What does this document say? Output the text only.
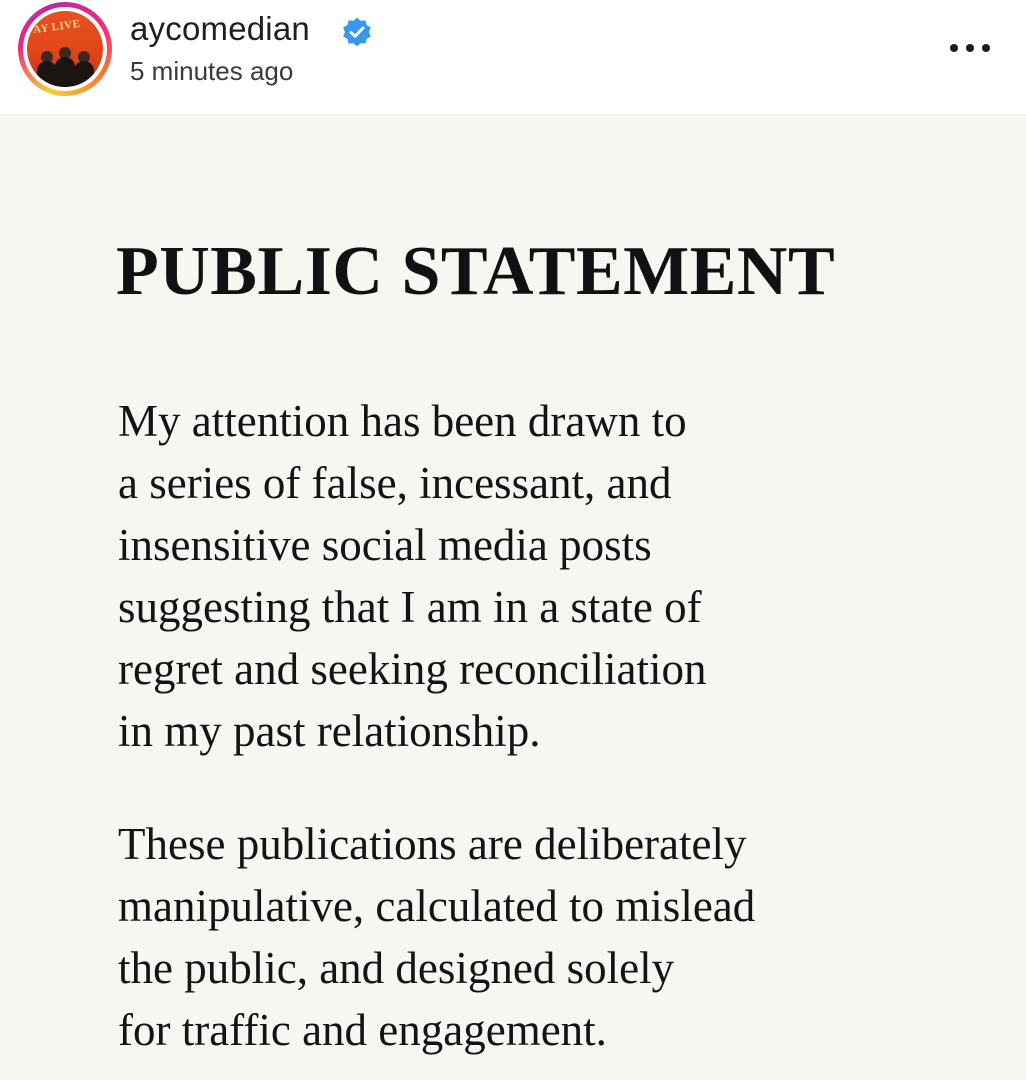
AY LIVE aycomedian
5 minutes ago
PUBLIC STATEMENT
My attention has been drawn to
a series of false, incessant, and
insensitive social media posts
suggesting that I am in a state of
regret and seeking reconciliation
in my past relationship.
These publications are deliberately
manipulative, calculated to mislead
the public, and designed solely
for traffic and engagement.
